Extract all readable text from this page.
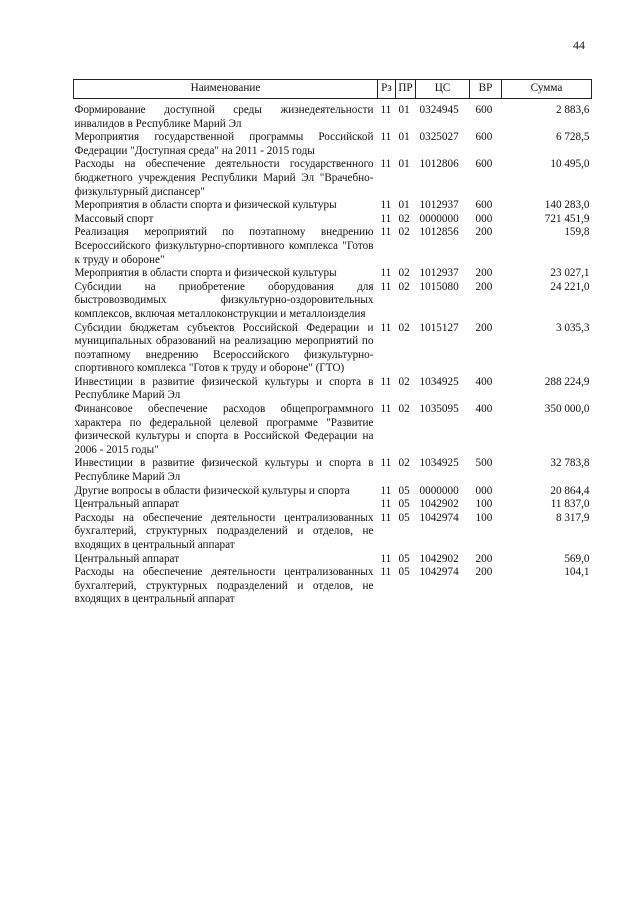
44
Наименование	Рз	ПР	ЦС	ВР	Сумма
Формирование доступной среды жизнедеятельности инвалидов в Республике Марий Эл	11	01	0324945	600	2 883,6
Мероприятия государственной программы Российской Федерации "Доступная среда" на 2011 - 2015 годы	11	01	0325027	600	6 728,5
Расходы на обеспечение деятельности государственного бюджетного учреждения Республики Марий Эл "Врачебно-физкультурный диспансер"	11	01	1012806	600	10 495,0
Мероприятия в области спорта и физической культуры	11	01	1012937	600	140 283,0
Массовый спорт	11	02	0000000	000	721 451,9
Реализация мероприятий по поэтапному внедрению Всероссийского физкультурно-спортивного комплекса "Готов к труду и обороне"	11	02	1012856	200	159,8
Мероприятия в области спорта и физической культуры	11	02	1012937	200	23 027,1
Субсидии на приобретение оборудования для быстровозводимых физкультурно-оздоровительных комплексов, включая металлоконструкции и металлоизделия	11	02	1015080	200	24 221,0
Субсидии бюджетам субъектов Российской Федерации и муниципальных образований на реализацию мероприятий по поэтапному внедрению Всероссийского физкультурно-спортивного комплекса "Готов к труду и обороне" (ГТО)	11	02	1015127	200	3 035,3
Инвестиции в развитие физической культуры и спорта в Республике Марий Эл	11	02	1034925	400	288 224,9
Финансовое обеспечение расходов общепрограммного характера по федеральной целевой программе "Развитие физической культуры и спорта в Российской Федерации на 2006 - 2015 годы"	11	02	1035095	400	350 000,0
Инвестиции в развитие физической культуры и спорта в Республике Марий Эл	11	02	1034925	500	32 783,8
Другие вопросы в области физической культуры и спорта	11	05	0000000	000	20 864,4
Центральный аппарат	11	05	1042902	100	11 837,0
Расходы на обеспечение деятельности централизованных бухгалтерий, структурных подразделений и отделов, не входящих в центральный аппарат	11	05	1042974	100	8 317,9
Центральный аппарат	11	05	1042902	200	569,0
Расходы на обеспечение деятельности централизованных бухгалтерий, структурных подразделений и отделов, не входящих в центральный аппарат	11	05	1042974	200	104,1
